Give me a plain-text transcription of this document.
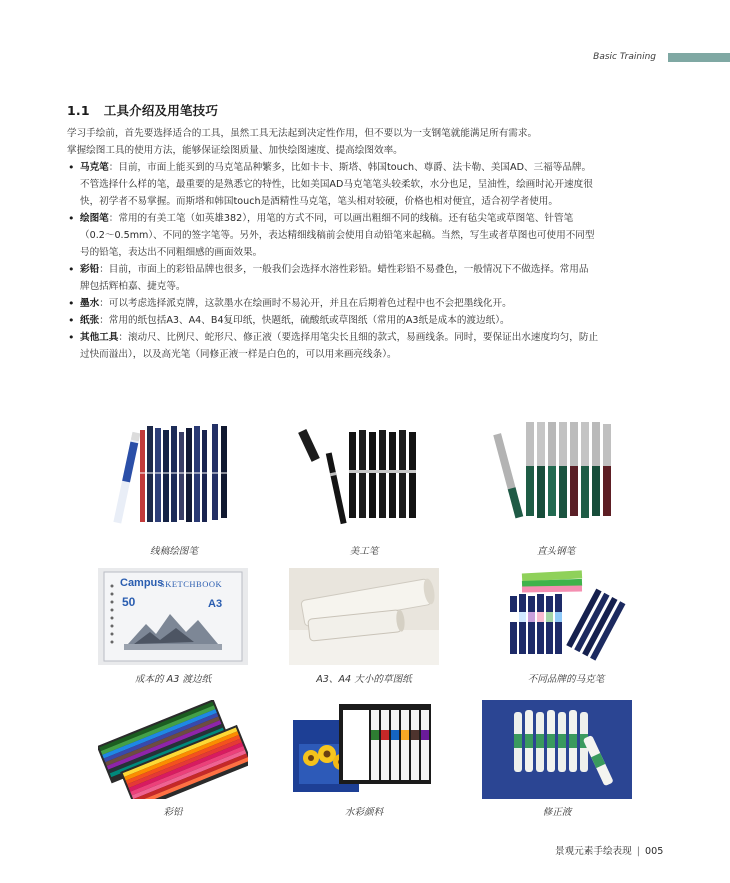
Basic Training
1.1 工具介绍及用笔技巧
学习手绘前，首先要选择适合的工具，虽然工具无法起到决定性作用，但不要以为一支钢笔就能满足所有需求。
掌握绘图工具的使用方法，能够保证绘图质量、加快绘图速度、提高绘图效率。
• 马克笔：目前，市面上能买到的马克笔品种繁多，比如卡卡、斯塔、韩国touch、尊爵、法卡勒、美国AD、三福等品牌。
不管选择什么样的笔，最重要的是熟悉它的特性，比如美国AD马克笔笔头较柔软，水分也足，呈油性，绘画时沁开速度很
快，初学者不易掌握。而斯塔和韩国touch是酒精性马克笔，笔头相对较硬，价格也相对便宜，适合初学者使用。
• 绘图笔：常用的有美工笔（如英雄382），用笔的方式不同，可以画出粗细不同的线稿。还有毡尖笔或草图笔、针管笔
（0.2～0.5mm）、不同的签字笔等。另外，表达精细线稿前会使用自动铅笔来起稿。当然，写生或者草图也可使用不同型
号的铅笔，表达出不同粗细感的画面效果。
• 彩铅：目前，市面上的彩铅品牌也很多，一般我们会选择水溶性彩铅。蜡性彩铅不易叠色，一般情况下不做选择。常用品
牌包括辉柏嘉、捷克等。
• 墨水：可以考虑选择派克牌，这款墨水在绘画时不易沁开，并且在后期着色过程中也不会把墨线化开。
• 纸张：常用的纸包括A3、A4、B4复印纸，快题纸，硫酸纸或草图纸（常用的A3纸是成本的渡边纸）。
• 其他工具：滚动尺、比例尺、蛇形尺、修正液（要选择用笔尖长且细的款式，易画线条。同时，要保证出水速度均匀，防止
过快而溢出），以及高光笔（同修正液一样是白色的，可以用来画亮线条）。
线稿绘图笔	美工笔	直头钢笔
Campus
SKETCHBOOK
50	A3
成本的 A3 渡边纸	A3、A4 大小的草图纸	不同品牌的马克笔
彩铅	水彩颜料	修正液
景观元素手绘表现 | 005
